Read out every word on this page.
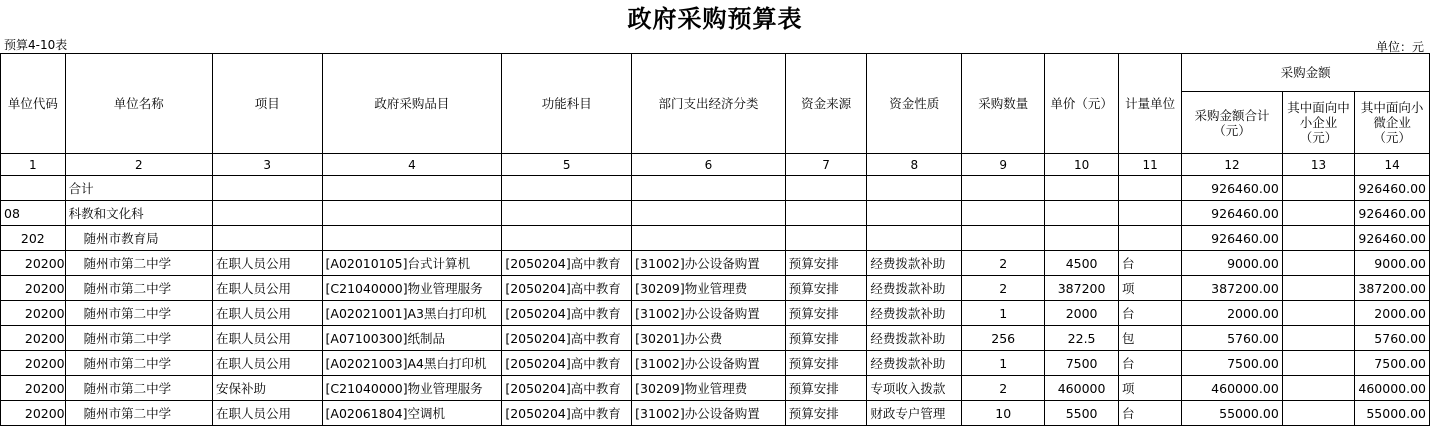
政府采购预算表
预算4-10表	单位：元
单位代码	单位名称	项目	政府采购品目	功能科目	部门支出经济分类	资金来源	资金性质	采购数量	单价（元）	计量单位	采购金额		
											采购金额合计（元）	其中面向中小企业（元）	其中面向小微企业（元）
1	2	3	4	5	6	7	8	9	10	11	12	13	14
	合计										926460.00		926460.00
08	科教和文化科										926460.00		926460.00
202	随州市教育局										926460.00		926460.00
20200	随州市第二中学	在职人员公用	[A02010105]台式计算机	[2050204]高中教育	[31002]办公设备购置	预算安排	经费拨款补助	2	4500	台	9000.00		9000.00
20200	随州市第二中学	在职人员公用	[C21040000]物业管理服务	[2050204]高中教育	[30209]物业管理费	预算安排	经费拨款补助	2	387200	项	387200.00		387200.00
20200	随州市第二中学	在职人员公用	[A02021001]A3黑白打印机	[2050204]高中教育	[31002]办公设备购置	预算安排	经费拨款补助	1	2000	台	2000.00		2000.00
20200	随州市第二中学	在职人员公用	[A07100300]纸制品	[2050204]高中教育	[30201]办公费	预算安排	经费拨款补助	256	22.5	包	5760.00		5760.00
20200	随州市第二中学	在职人员公用	[A02021003]A4黑白打印机	[2050204]高中教育	[31002]办公设备购置	预算安排	经费拨款补助	1	7500	台	7500.00		7500.00
20200	随州市第二中学	安保补助	[C21040000]物业管理服务	[2050204]高中教育	[30209]物业管理费	预算安排	专项收入拨款	2	460000	项	460000.00		460000.00
20200	随州市第二中学	在职人员公用	[A02061804]空调机	[2050204]高中教育	[31002]办公设备购置	预算安排	财政专户管理	10	5500	台	55000.00		55000.00
